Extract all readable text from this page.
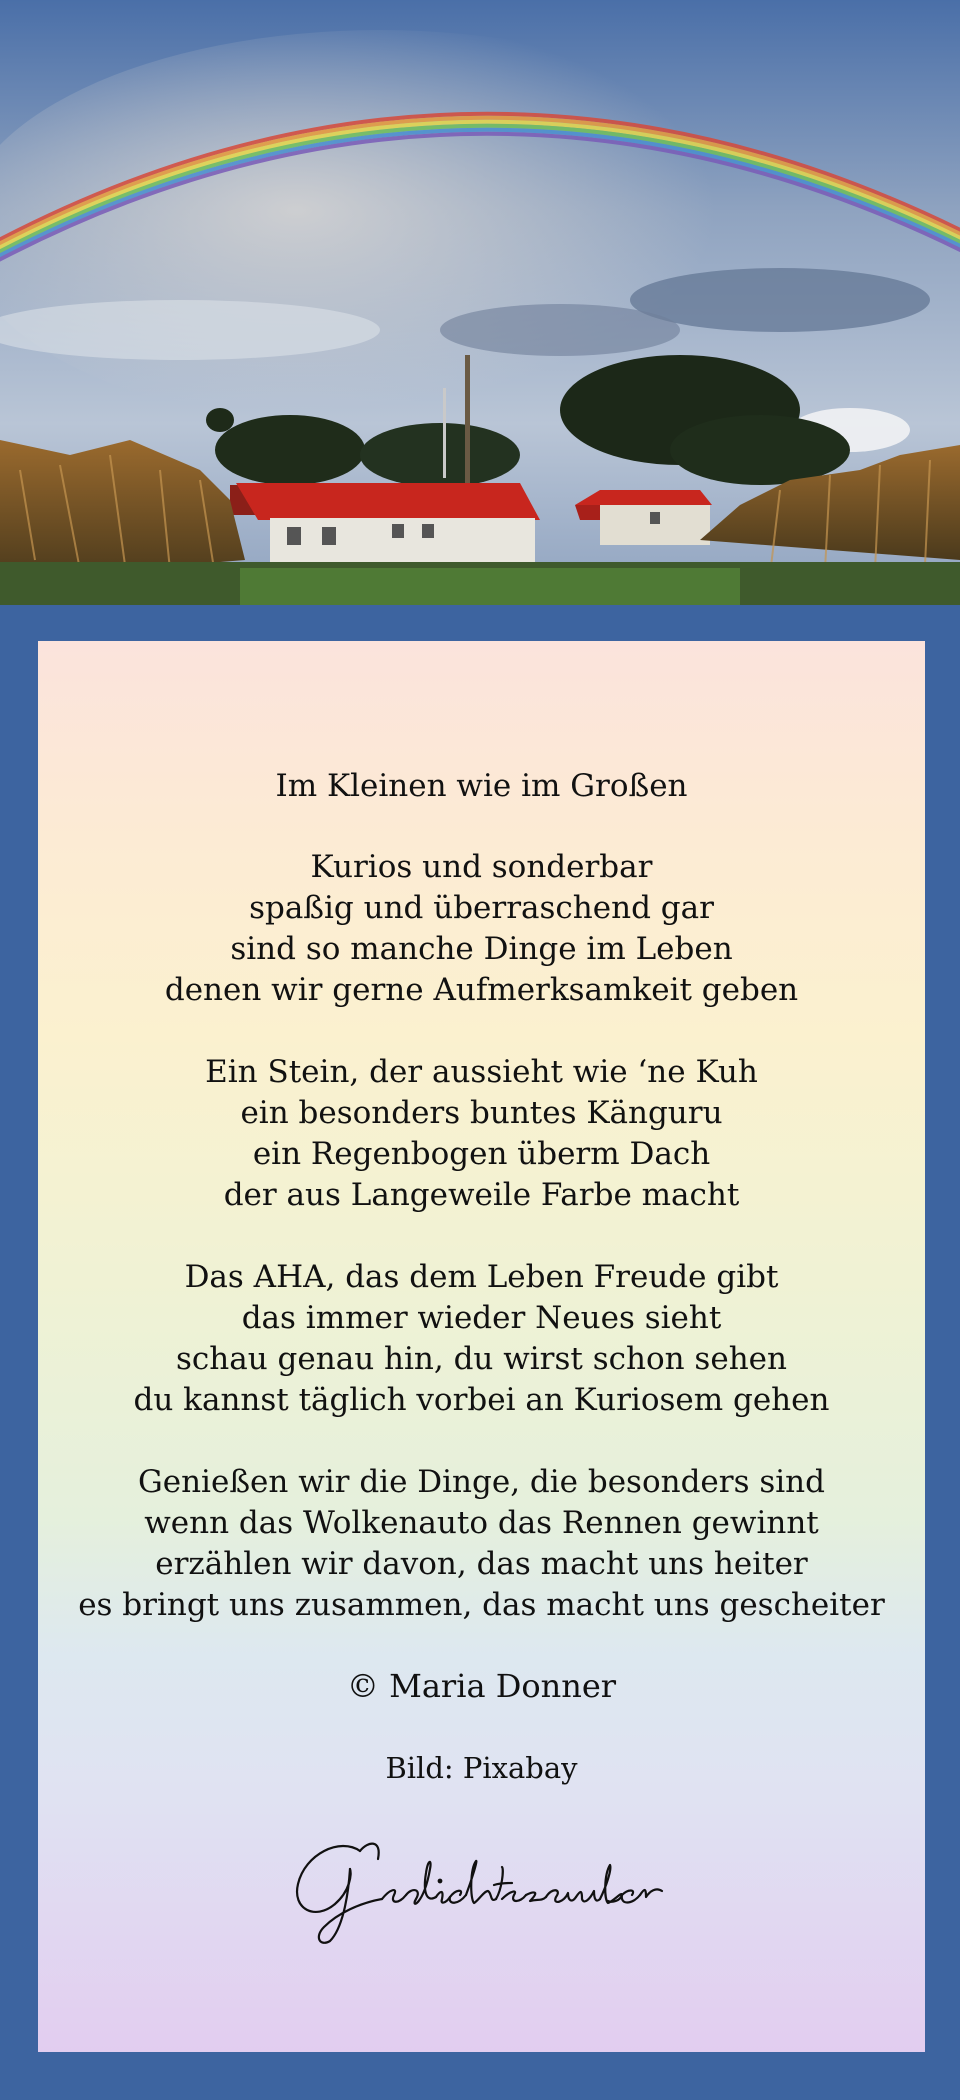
Im Kleinen wie im Großen
Kurios und sonderbar
spaßig und überraschend gar
sind so manche Dinge im Leben
denen wir gerne Aufmerksamkeit geben
Ein Stein, der aussieht wie ‘ne Kuh
ein besonders buntes Känguru
ein Regenbogen überm Dach
der aus Langeweile Farbe macht
Das AHA, das dem Leben Freude gibt
das immer wieder Neues sieht
schau genau hin, du wirst schon sehen
du kannst täglich vorbei an Kuriosem gehen
Genießen wir die Dinge, die besonders sind
wenn das Wolkenauto das Rennen gewinnt
erzählen wir davon, das macht uns heiter
es bringt uns zusammen, das macht uns gescheiter
© Maria Donner
Bild: Pixabay
